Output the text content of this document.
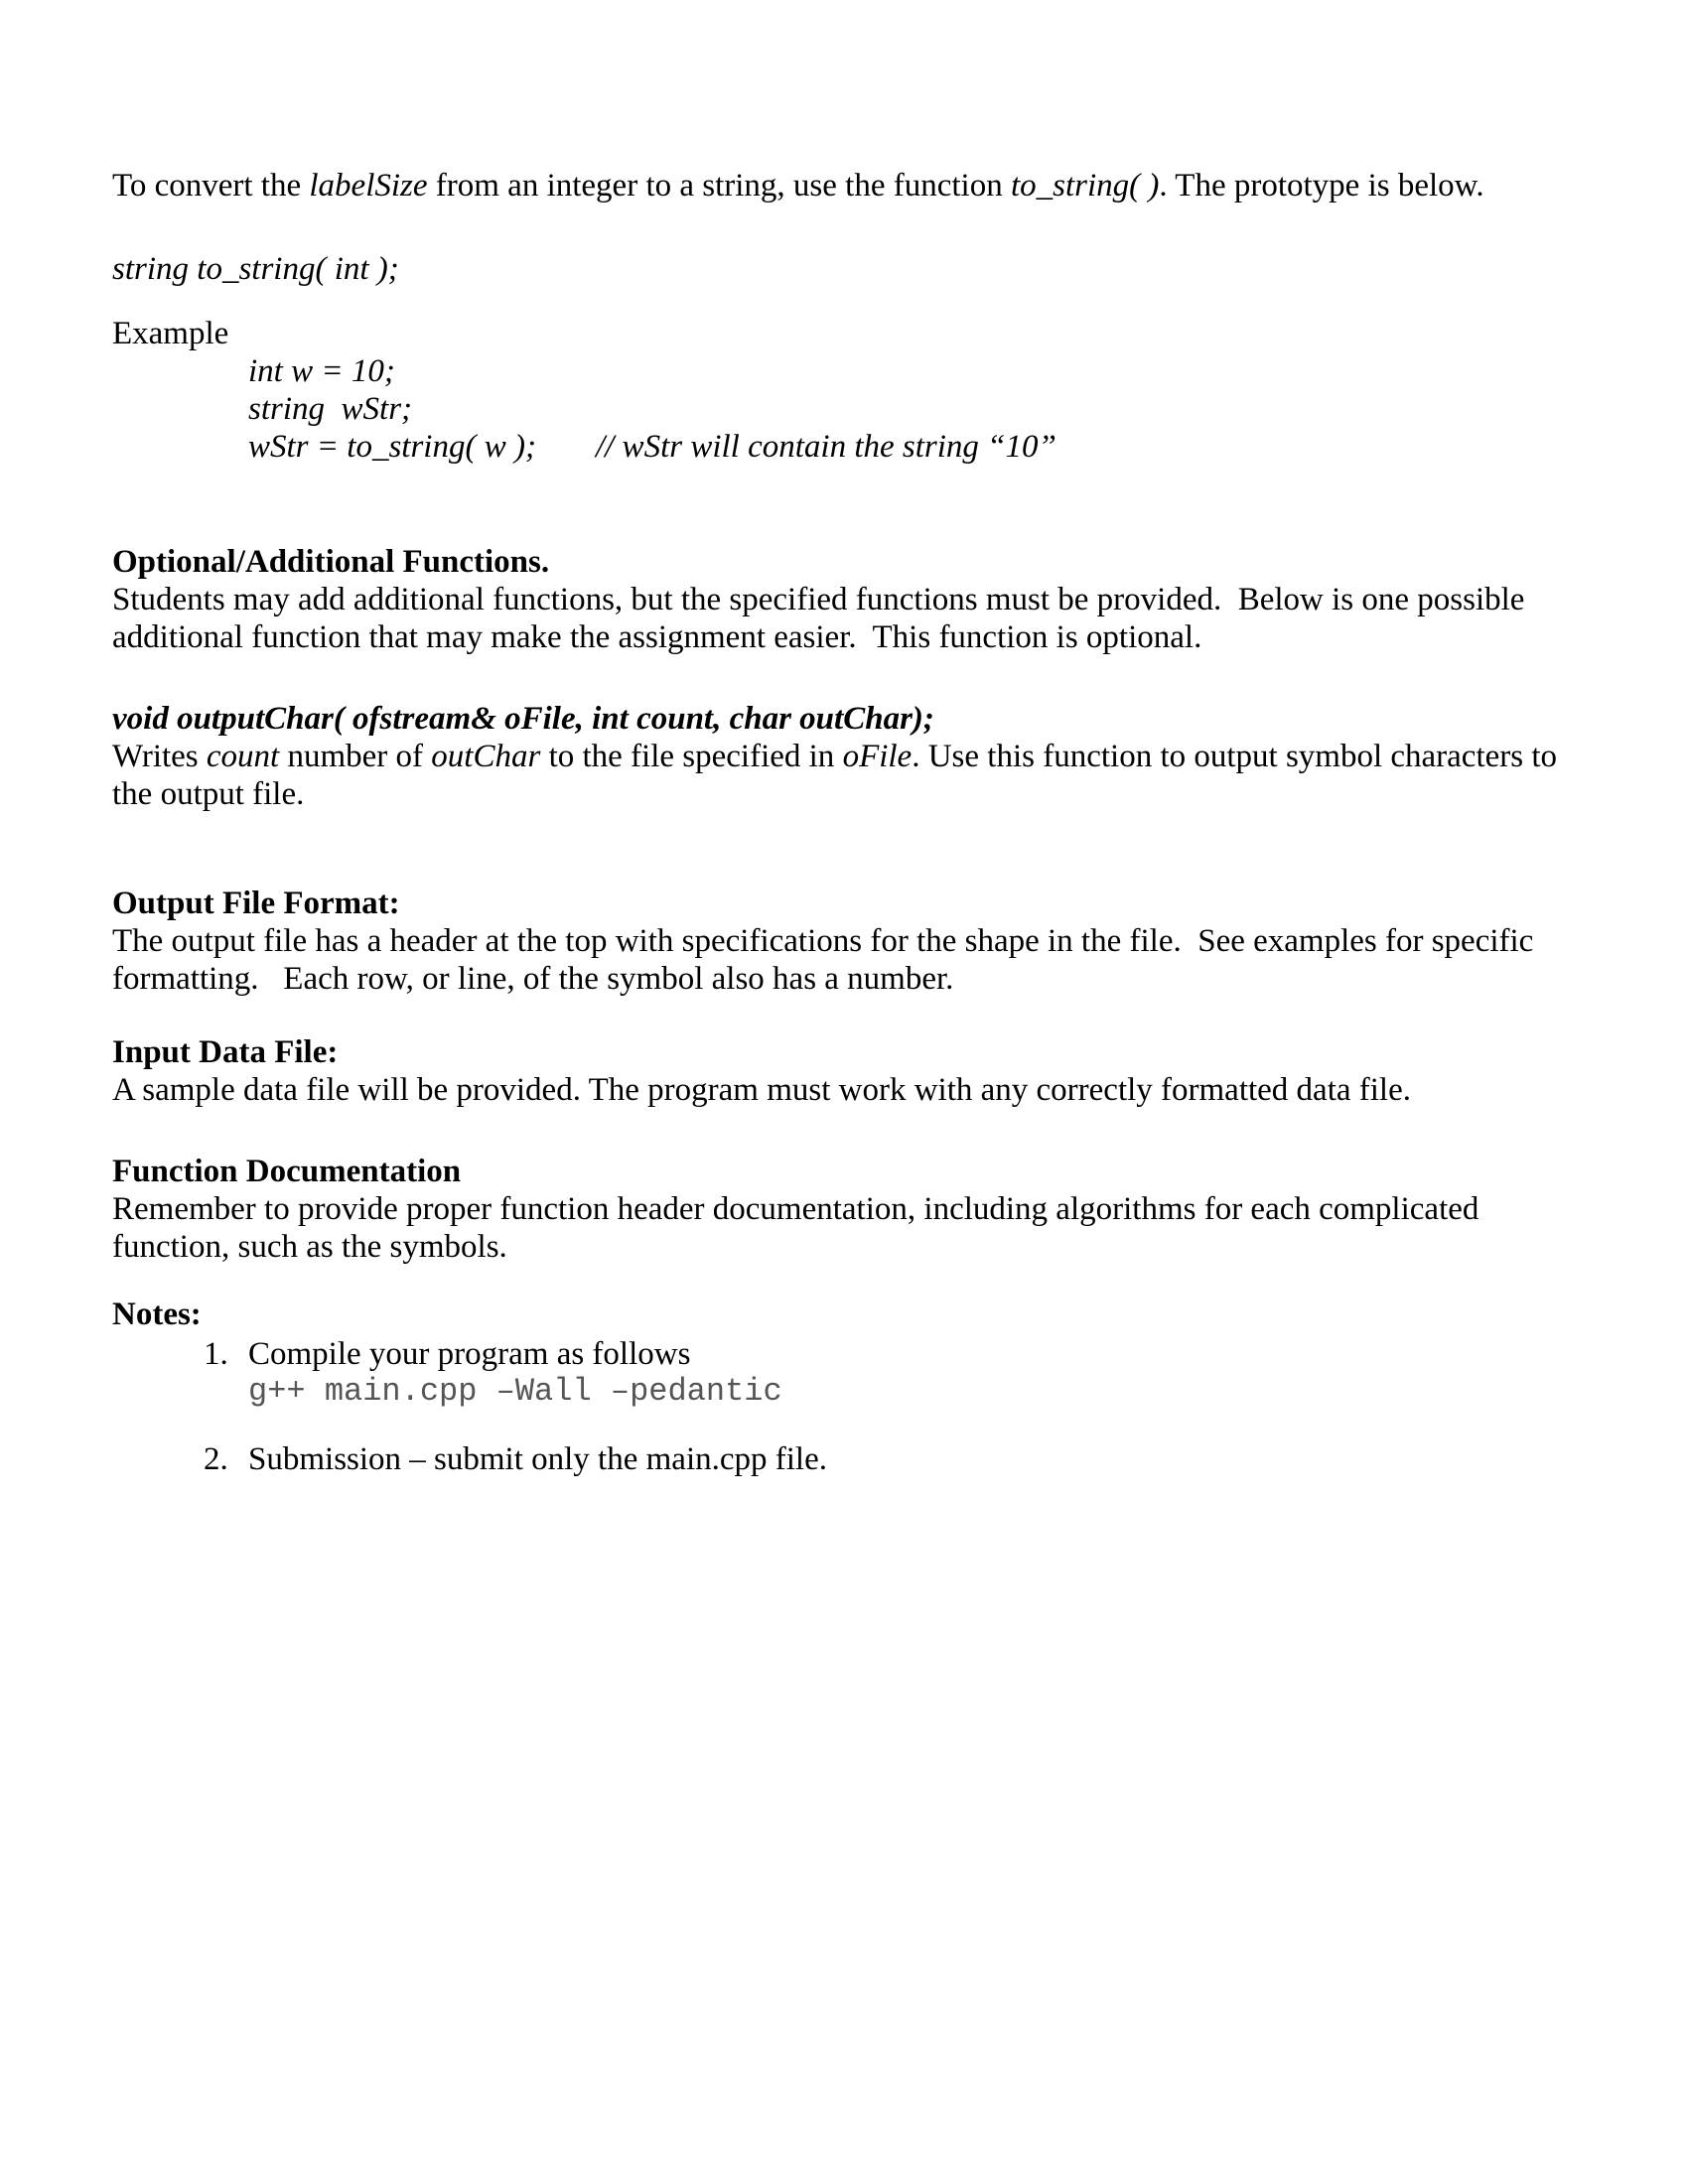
To convert the labelSize from an integer to a string, use the function to_string( ). The prototype is below.

string to_string( int );

Example

int w = 10;

string  wStr;

wStr = to_string( w ); // wStr will contain the string “10”

Optional/Additional Functions.

Students may add additional functions, but the specified functions must be provided.  Below is one possible additional function that may make the assignment easier.  This function is optional.

void outputChar( ofstream& oFile, int count, char outChar);

Writes count number of outChar to the file specified in oFile. Use this function to output symbol characters to the output file.

Output File Format:

The output file has a header at the top with specifications for the shape in the file.  See examples for specific formatting.   Each row, or line, of the symbol also has a number.

Input Data File:

A sample data file will be provided. The program must work with any correctly formatted data file.

Function Documentation

Remember to provide proper function header documentation, including algorithms for each complicated function, such as the symbols.

Notes:
1. Compile your program as follows

g++ main.cpp –Wall –pedantic

2. Submission – submit only the main.cpp file.
